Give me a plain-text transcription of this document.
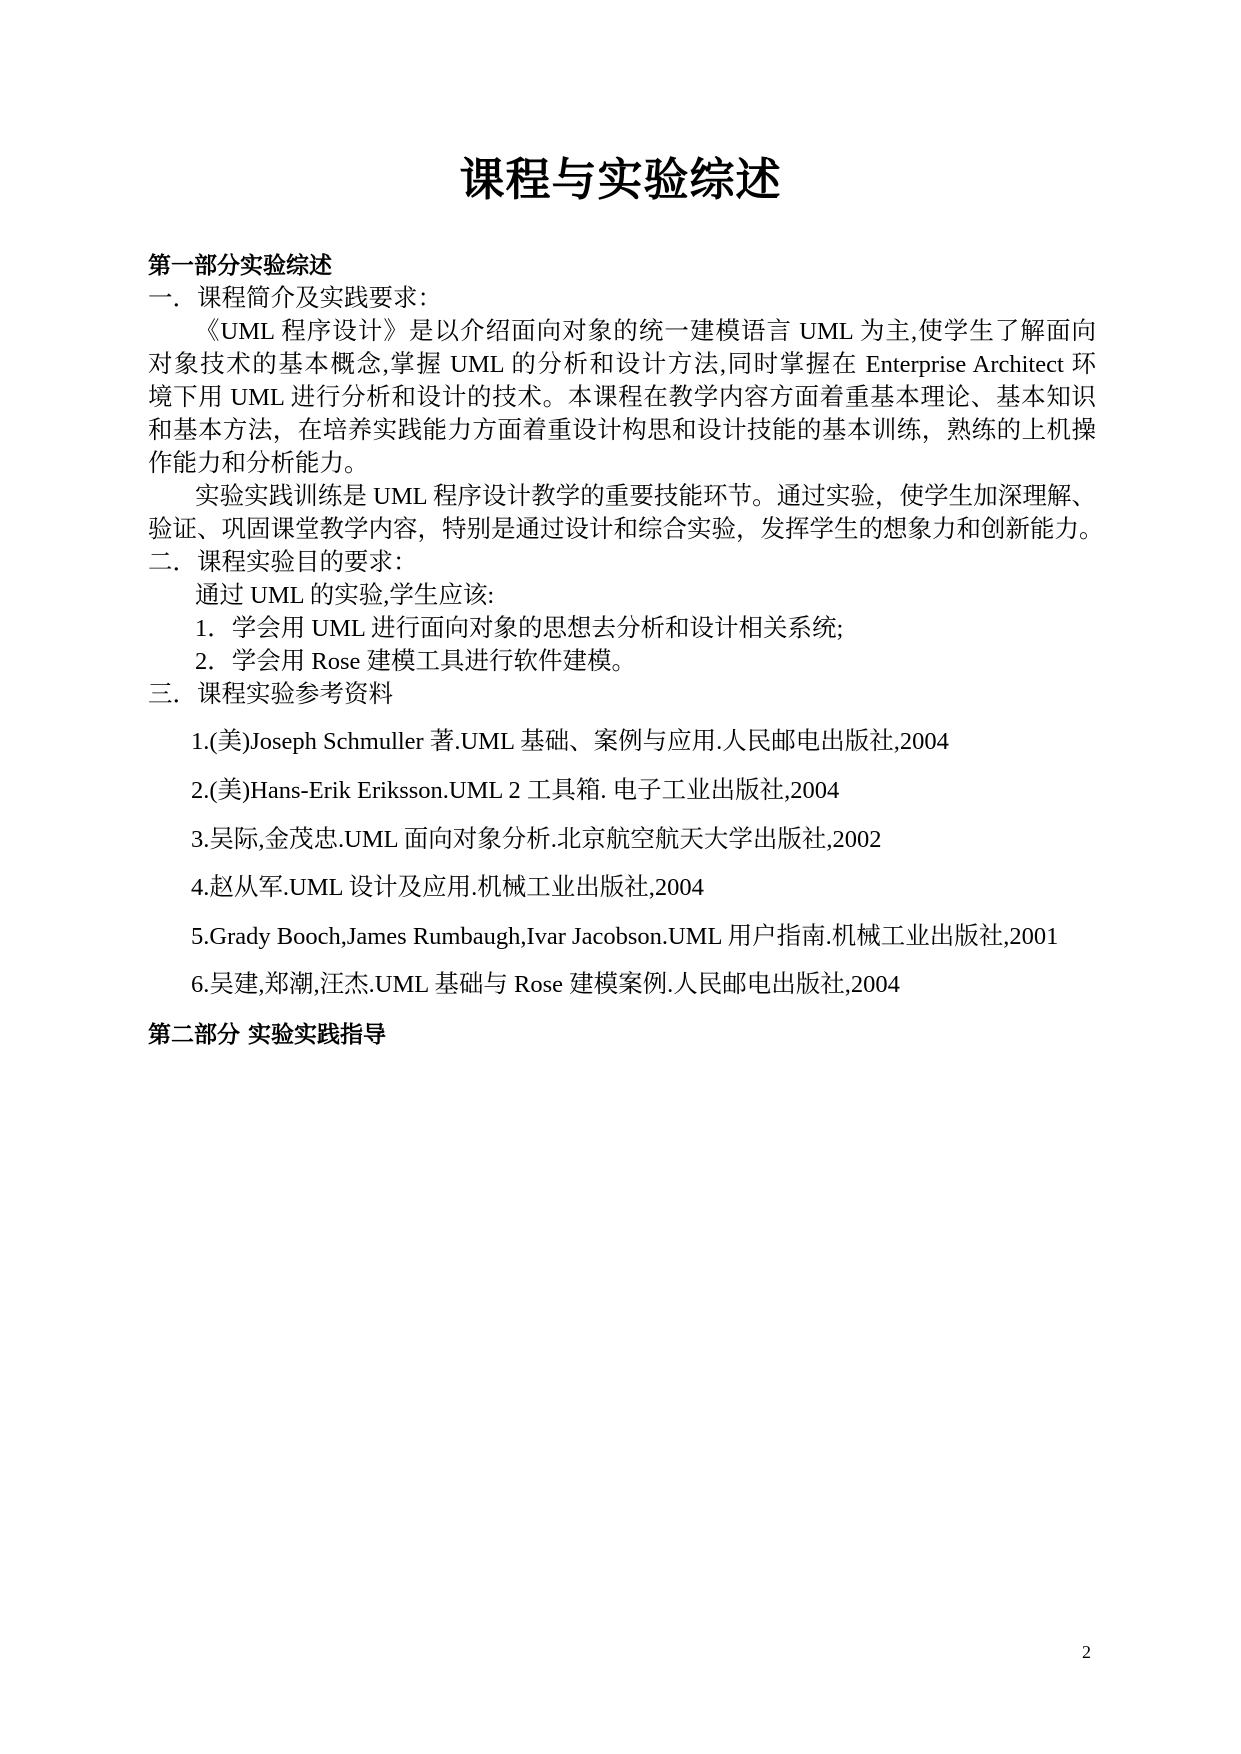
课程与实验综述
第一部分实验综述
一．课程简介及实践要求：
《UML 程序设计》是以介绍面向对象的统一建模语言 UML 为主,使学生了解面向
对象技术的基本概念,掌握 UML 的分析和设计方法,同时掌握在 Enterprise Architect 环
境下用 UML 进行分析和设计的技术。本课程在教学内容方面着重基本理论、基本知识
和基本方法，在培养实践能力方面着重设计构思和设计技能的基本训练，熟练的上机操
作能力和分析能力。
实验实践训练是 UML 程序设计教学的重要技能环节。通过实验，使学生加深理解、
验证、巩固课堂教学内容，特别是通过设计和综合实验，发挥学生的想象力和创新能力。
二．课程实验目的要求：
通过 UML 的实验,学生应该:
1．学会用 UML 进行面向对象的思想去分析和设计相关系统;
2．学会用 Rose 建模工具进行软件建模。
三．课程实验参考资料
1.(美)Joseph Schmuller 著.UML 基础、案例与应用.人民邮电出版社,2004
2.(美)Hans-Erik Eriksson.UML 2 工具箱. 电子工业出版社,2004
3.吴际,金茂忠.UML 面向对象分析.北京航空航天大学出版社,2002
4.赵从军.UML 设计及应用.机械工业出版社,2004
5.Grady Booch,James Rumbaugh,Ivar Jacobson.UML 用户指南.机械工业出版社,2001
6.吴建,郑潮,汪杰.UML 基础与 Rose 建模案例.人民邮电出版社,2004
第二部分 实验实践指导
2
